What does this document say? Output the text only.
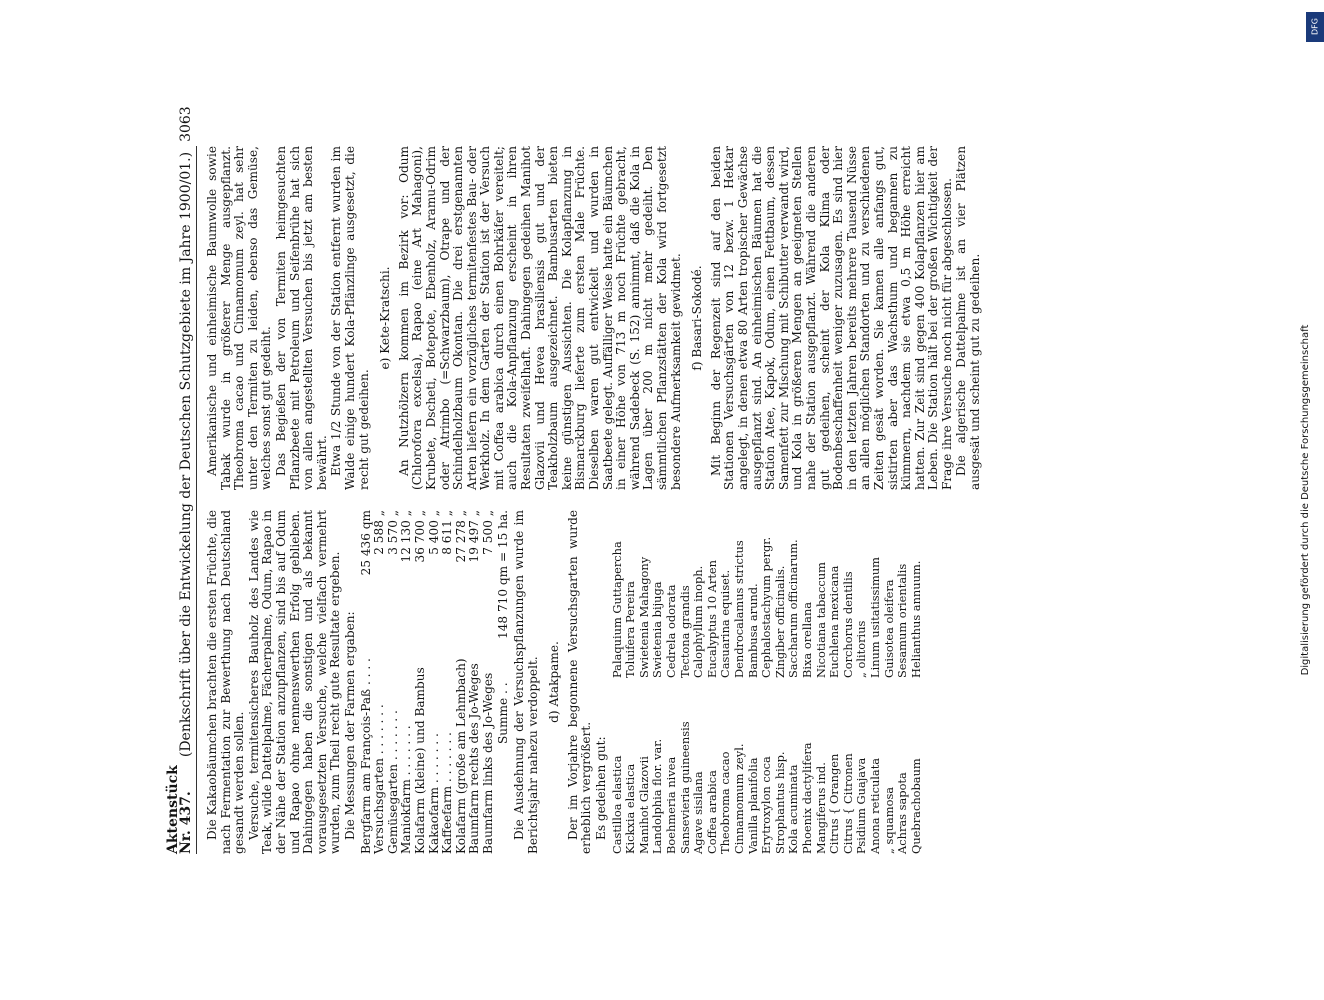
Aktenstück Nr. 437.
(Denkschrift über die Entwickelung der Deutschen Schutzgebiete im Jahre 1900/01.)
3063

Die Kakaobäumchen brachten die ersten Früchte, die nach Fermentation zur Bewerthung nach Deutschland gesandt werden sollen. Versuche, termitensicheres Bauholz des Landes wie Teak, wilde Dattelpalme, Fächerpalme, Odum, Rapao in der Nähe der Station anzupflanzen, sind bis auf Odum und Rapao ohne nennenswerthen Erfolg geblieben. Dahingegen haben die sonstigen und als bekannt vorausgesetzten Versuche, welche vielfach vermehrt wurden, zum Theil recht gute Resultate ergeben. Die Messungen der Farmen ergaben: Bergfarm am François-Paß . . . .
25 436 qm
Versuchsgarten . . . . . . .
2 588 „
Gemüsegarten . . . . . . .
3 570 „
Maniokfarm . . . . . . .
12 130 „
Kolafarm (kleine) und Bambus
36 700 „
Kakaofarm . . . . . . .
5 400 „
Kaffeefarm . . . . . . .
8 611 „
Kolafarm (große am Lehmbach)
27 278 „
Baumfarm rechts des Jo-Weges
19 497 „
Baumfarm links des Jo-Weges
7 500 „
Summe . .
148 710 qm = 15 ha. Die Ausdehnung der Versuchspflanzungen wurde im Berichtsjahr nahezu verdoppelt. d) Atakpame. Der im Vorjahre begonnene Versuchsgarten wurde erheblich vergrößert. Es gedeihen gut: Castilloa elastica Kickxia elastica Manihot Glazovii Landolphia flor. var. Boehmeria nivea Sansevieria guineensis Agave sisilana Coffea arabica Theobroma cacao Cinnamomum zeyl. Vanilla planifolia Erytroxylon coca Strophantus hisp. Kola acuminata Phoenix dactylifera Mangiferus ind. Citrus { Orangen Citrus { Citronen Psidium Guajava Anona reticulata „ squamosa Achras sapota Quebrachobaum
Palaquium Guttapercha Toluifera Pereira Swietenia Mahagony Swietenia bijuga Cedrela odorata Tectona grandis Calophyllum inoph. Eucalyptus 10 Arten Casuarina equiset. Dendrocalamus strictus Bambusa arund. Cephalostachyum pergr. Zingiber officinalis. Saccharum officinarum. Bixa orellana Nicotiana tabaccum Euchlena mexicana Corchorus dentilis „ olitorius Linum usitatissimum Guisotea oleifera Sesamum orientalis Helianthus annuum.

Amerikanische und einheimische Baumwolle sowie Tabak wurde in größerer Menge ausgepflanzt. Theobroma cacao und Cinnamomum zeyl. hat sehr unter den Termiten zu leiden, ebenso das Gemüse, welches sonst gut gedeiht. Das Begießen der von Termiten heimgesuchten Pflanzbeete mit Petroleum und Seifenbrühe hat sich von allen angestellten Versuchen bis jetzt am besten bewährt. Etwa 1/2 Stunde von der Station entfernt wurden im Walde einige hundert Kola-Pflänzlinge ausgesetzt, die recht gut gedeihen.

e) Kete-Kratschi. An Nutzhölzern kommen im Bezirk vor: Odum (Chlorofora excelsa), Rapao (eine Art Mahagoni), Krubete, Dscheti, Botepote, Ebenholz, Aramu-Odrim oder Atrimbo (=Schwarzbaum), Otrape und der Schindelholzbaum Okontan. Die drei erstgenannten Arten liefern ein vorzügliches termitenfestes Bau- oder Werkholz. In dem Garten der Station ist der Versuch mit Coffea arabica durch einen Bohrkäfer vereitelt; auch die Kola-Anpflanzung erscheint in ihren Resultaten zweifelhaft. Dahingegen gedeihen Manihot Glazovii und Hevea brasiliensis gut und der Teakholzbaum ausgezeichnet. Bambusarten bieten keine günstigen Aussichten. Die Kolapflanzung in Bismarckburg lieferte zum ersten Male Früchte. Dieselben waren gut entwickelt und wurden in Saatbeete gelegt. Auffälliger Weise hatte ein Bäumchen in einer Höhe von 713 m noch Früchte gebracht, während Sadebeck (S. 152) annimmt, daß die Kola in Lagen über 200 m nicht mehr gedeiht. Den sämmtlichen Pflanzstätten der Kola wird fortgesetzt besondere Aufmerksamkeit gewidmet. f) Basari-Sokodé. Mit Beginn der Regenzeit sind auf den beiden Stationen Versuchsgärten von 12 bezw. 1 Hektar angelegt, in denen etwa 80 Arten tropischer Gewächse ausgepflanzt sind. An einheimischen Bäumen hat die Station Atee, Kapok, Odum, einen Fettbaum, dessen Samenfett zur Mischung mit Schibutter verwandt wird, und Kola in größeren Mengen an geeigneten Stellen nahe der Station ausgepflanzt. Während die anderen gut gedeihen, scheint der Kola Klima oder Bodenbeschaffenheit weniger zuzusagen. Es sind hier in den letzten Jahren bereits mehrere Tausend Nüsse an allen möglichen Standorten und zu verschiedenen Zeiten gesät worden. Sie kamen alle anfangs gut, sistirten aber das Wachsthum und begannen zu kümmern, nachdem sie etwa 0,5 m Höhe erreicht hatten. Zur Zeit sind gegen 400 Kolapflanzen hier am Leben. Die Station hält bei der großen Wichtigkeit der Frage ihre Versuche noch nicht für abgeschlossen. Die algerische Dattelpalme ist an vier Plätzen ausgesät und scheint gut zu gedeihen.	Digitalisierung gefördert durch die Deutsche Forschungsgemeinschaft
DFG
